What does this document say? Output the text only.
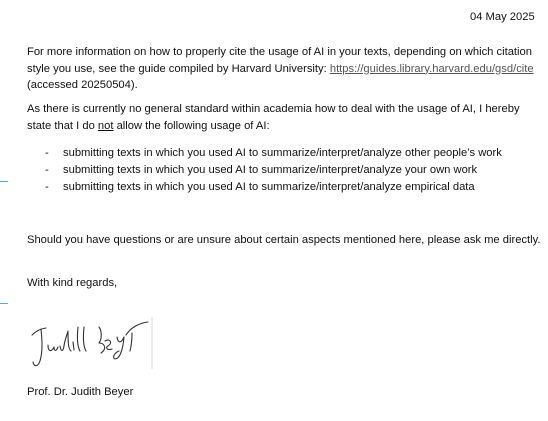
04 May 2025
For more information on how to properly cite the usage of AI in your texts, depending on which citation style you use, see the guide compiled by Harvard University: https://guides.library.harvard.edu/gsd/cite (accessed 20250504).
As there is currently no general standard within academia how to deal with the usage of AI, I hereby state that I do not allow the following usage of AI:
- submitting texts in which you used AI to summarize/interpret/analyze other people’s work
- submitting texts in which you used AI to summarize/interpret/analyze your own work
- submitting texts in which you used AI to summarize/interpret/analyze empirical data
Should you have questions or are unsure about certain aspects mentioned here, please ask me directly.
With kind regards,
Prof. Dr. Judith Beyer
